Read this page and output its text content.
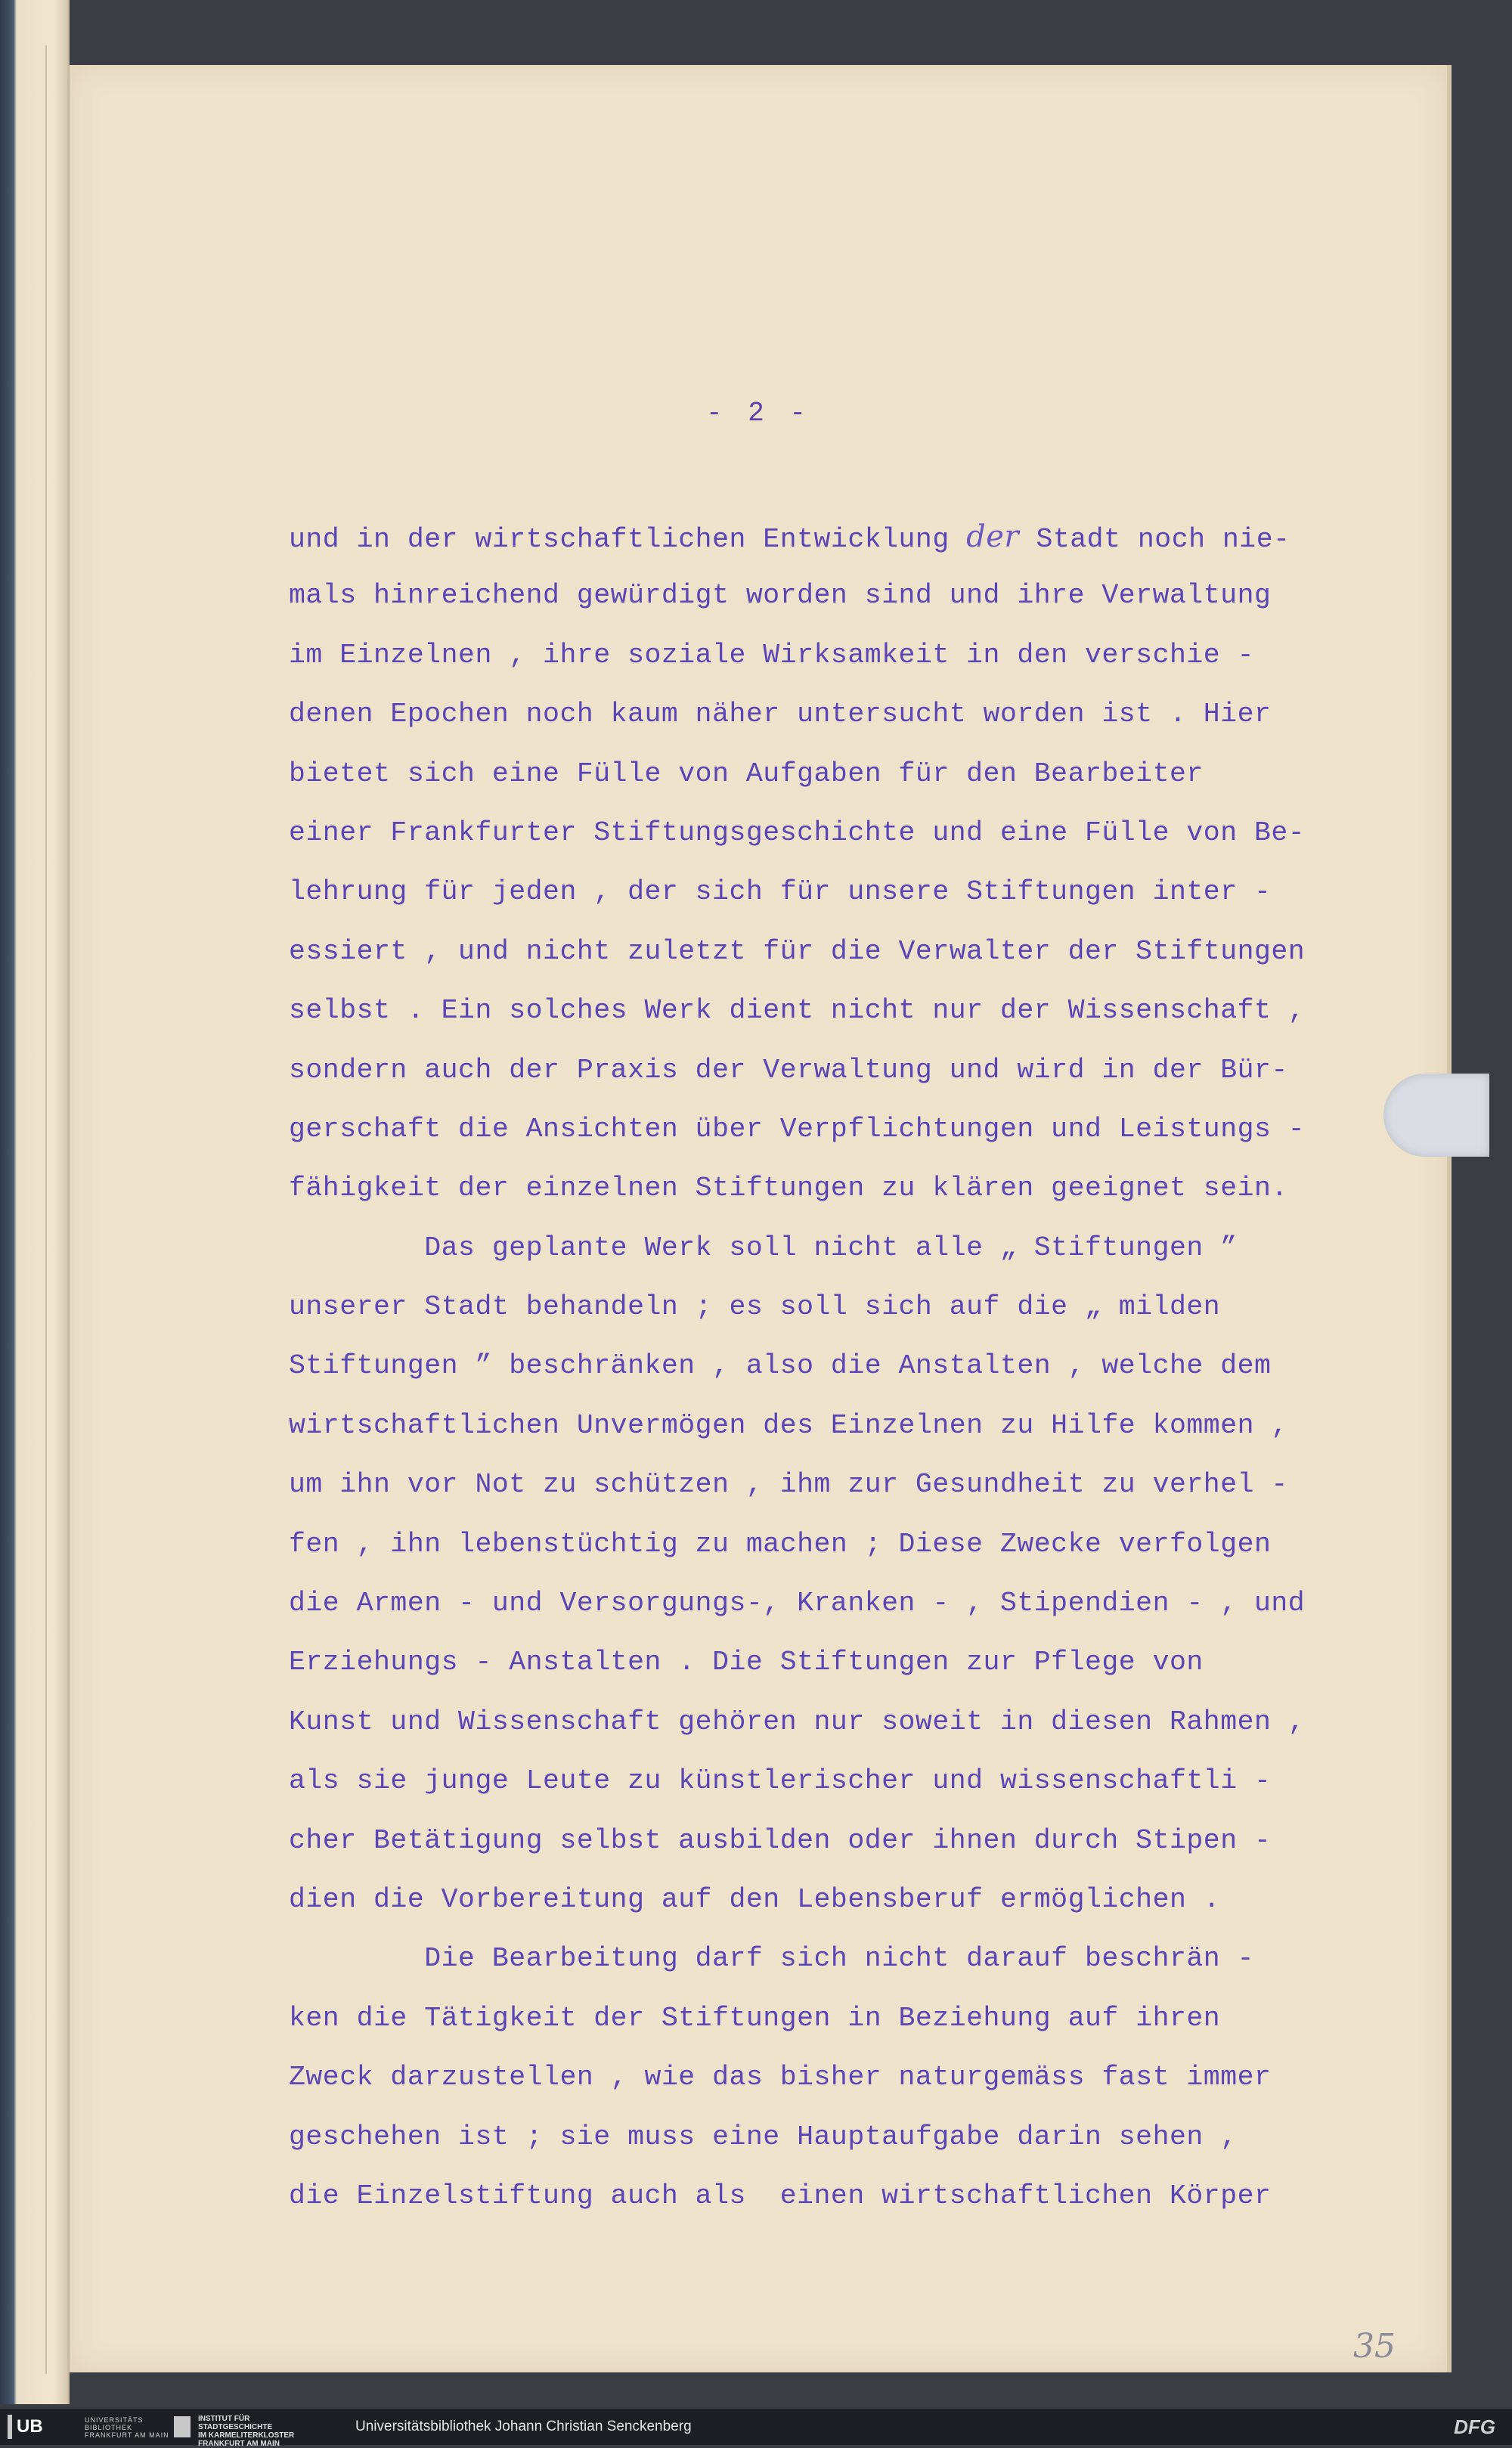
- 2 -
und in der wirtschaftlichen Entwicklung der Stadt noch nie-
mals hinreichend gewürdigt worden sind und ihre Verwaltung
im Einzelnen , ihre soziale Wirksamkeit in den verschie -
denen Epochen noch kaum näher untersucht worden ist . Hier
bietet sich eine Fülle von Aufgaben für den Bearbeiter
einer Frankfurter Stiftungsgeschichte und eine Fülle von Be-
lehrung für jeden , der sich für unsere Stiftungen inter -
essiert , und nicht zuletzt für die Verwalter der Stiftungen
selbst . Ein solches Werk dient nicht nur der Wissenschaft ,
sondern auch der Praxis der Verwaltung und wird in der Bür-
gerschaft die Ansichten über Verpflichtungen und Leistungs -
fähigkeit der einzelnen Stiftungen zu klären geeignet sein.
Das geplante Werk soll nicht alle „ Stiftungen ”
unserer Stadt behandeln ; es soll sich auf die „ milden
Stiftungen ” beschränken , also die Anstalten , welche dem
wirtschaftlichen Unvermögen des Einzelnen zu Hilfe kommen ,
um ihn vor Not zu schützen , ihm zur Gesundheit zu verhel -
fen , ihn lebenstüchtig zu machen ; Diese Zwecke verfolgen
die Armen - und Versorgungs-, Kranken - , Stipendien - , und
Erziehungs - Anstalten . Die Stiftungen zur Pflege von
Kunst und Wissenschaft gehören nur soweit in diesen Rahmen ,
als sie junge Leute zu künstlerischer und wissenschaftli -
cher Betätigung selbst ausbilden oder ihnen durch Stipen -
dien die Vorbereitung auf den Lebensberuf ermöglichen .
Die Bearbeitung darf sich nicht darauf beschrän -
ken die Tätigkeit der Stiftungen in Beziehung auf ihren
Zweck darzustellen , wie das bisher naturgemäss fast immer
geschehen ist ; sie muss eine Hauptaufgabe darin sehen ,
die Einzelstiftung auch als  einen wirtschaftlichen Körper
35
UB	UNIVERSITÄTS
BIBLIOTHEK
FRANKFURT AM MAIN
INSTITUT FÜR
STADTGESCHICHTE
IM KARMELITERKLOSTER
FRANKFURT AM MAIN
Universitätsbibliothek Johann Christian Senckenberg	DFG
